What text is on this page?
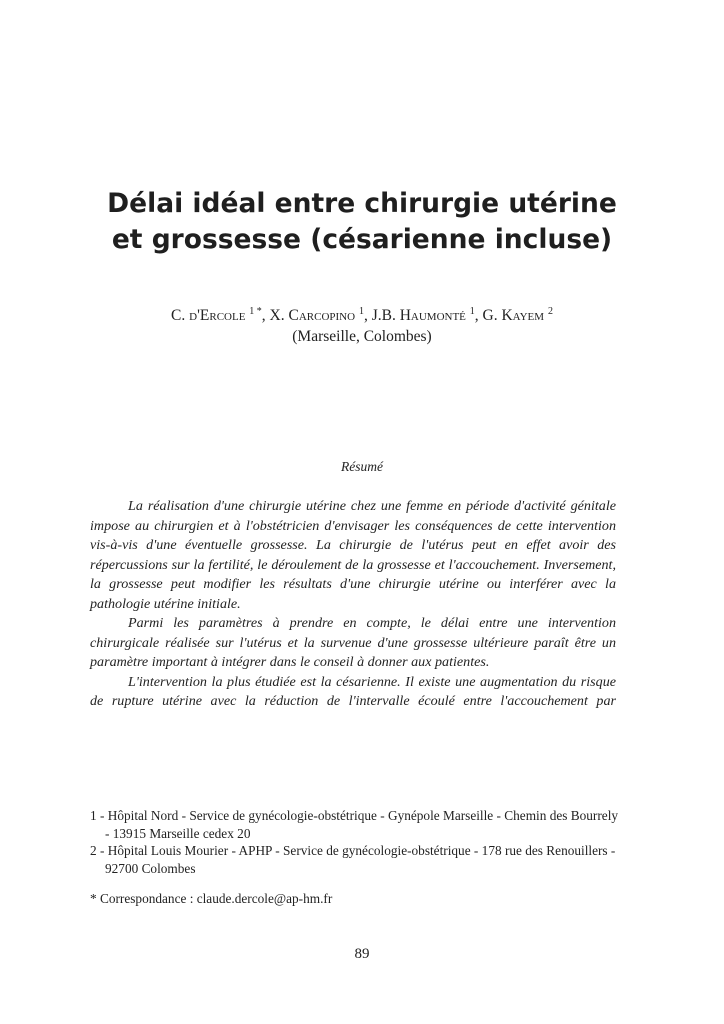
Délai idéal entre chirurgie utérine
et grossesse (césarienne incluse)
C. d'Ercole $^{1 *}$, X. Carcopino $^1$, J.B. Haumonté $^1$, G. Kayem $^2$
(Marseille, Colombes)
Résumé

La réalisation d'une chirurgie utérine chez une femme en période d'activité génitale impose au chirurgien et à l'obstétricien d'envisager les conséquences de cette intervention vis-à-vis d'une éventuelle grossesse. La chirurgie de l'utérus peut en effet avoir des répercussions sur la fertilité, le déroulement de la grossesse et l'accouchement. Inversement, la grossesse peut modifier les résultats d'une chirurgie utérine ou interférer avec la pathologie utérine initiale.

Parmi les paramètres à prendre en compte, le délai entre une intervention chirurgicale réalisée sur l'utérus et la survenue d'une grossesse ultérieure paraît être un paramètre important à intégrer dans le conseil à donner aux patientes.

L'intervention la plus étudiée est la césarienne. Il existe une augmentation du risque de rupture utérine avec la réduction de l'intervalle écoulé entre l'accouchement par

1 - Hôpital Nord - Service de gynécologie-obstétrique - Gynépole Marseille - Chemin des Bourrely - 13915 Marseille cedex 20

2 - Hôpital Louis Mourier - APHP - Service de gynécologie-obstétrique - 178 rue des Renouillers - 92700 Colombes

* Correspondance : claude.dercole@ap-hm.fr
89
